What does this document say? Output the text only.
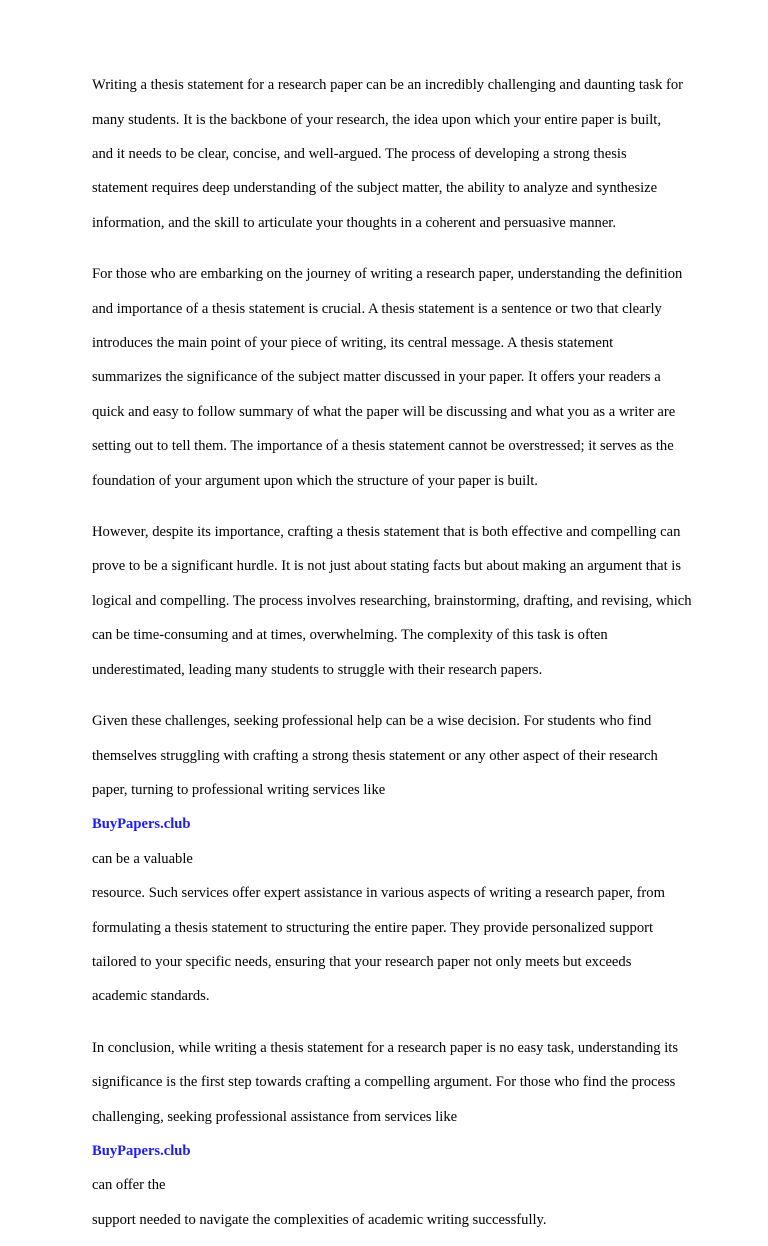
Writing a thesis statement for a research paper can be an incredibly challenging and daunting task for

many students. It is the backbone of your research, the idea upon which your entire paper is built,

and it needs to be clear, concise, and well-argued. The process of developing a strong thesis

statement requires deep understanding of the subject matter, the ability to analyze and synthesize

information, and the skill to articulate your thoughts in a coherent and persuasive manner.

For those who are embarking on the journey of writing a research paper, understanding the definition

and importance of a thesis statement is crucial. A thesis statement is a sentence or two that clearly

introduces the main point of your piece of writing, its central message. A thesis statement

summarizes the significance of the subject matter discussed in your paper. It offers your readers a

quick and easy to follow summary of what the paper will be discussing and what you as a writer are

setting out to tell them. The importance of a thesis statement cannot be overstressed; it serves as the

foundation of your argument upon which the structure of your paper is built.

However, despite its importance, crafting a thesis statement that is both effective and compelling can

prove to be a significant hurdle. It is not just about stating facts but about making an argument that is

logical and compelling. The process involves researching, brainstorming, drafting, and revising, which

can be time-consuming and at times, overwhelming. The complexity of this task is often

underestimated, leading many students to struggle with their research papers.

Given these challenges, seeking professional help can be a wise decision. For students who find

themselves struggling with crafting a strong thesis statement or any other aspect of their research

paper, turning to professional writing services like

BuyPapers.club

can be a valuable

resource. Such services offer expert assistance in various aspects of writing a research paper, from

formulating a thesis statement to structuring the entire paper. They provide personalized support

tailored to your specific needs, ensuring that your research paper not only meets but exceeds

academic standards.

In conclusion, while writing a thesis statement for a research paper is no easy task, understanding its

significance is the first step towards crafting a compelling argument. For those who find the process

challenging, seeking professional assistance from services like

BuyPapers.club

can offer the

support needed to navigate the complexities of academic writing successfully.
